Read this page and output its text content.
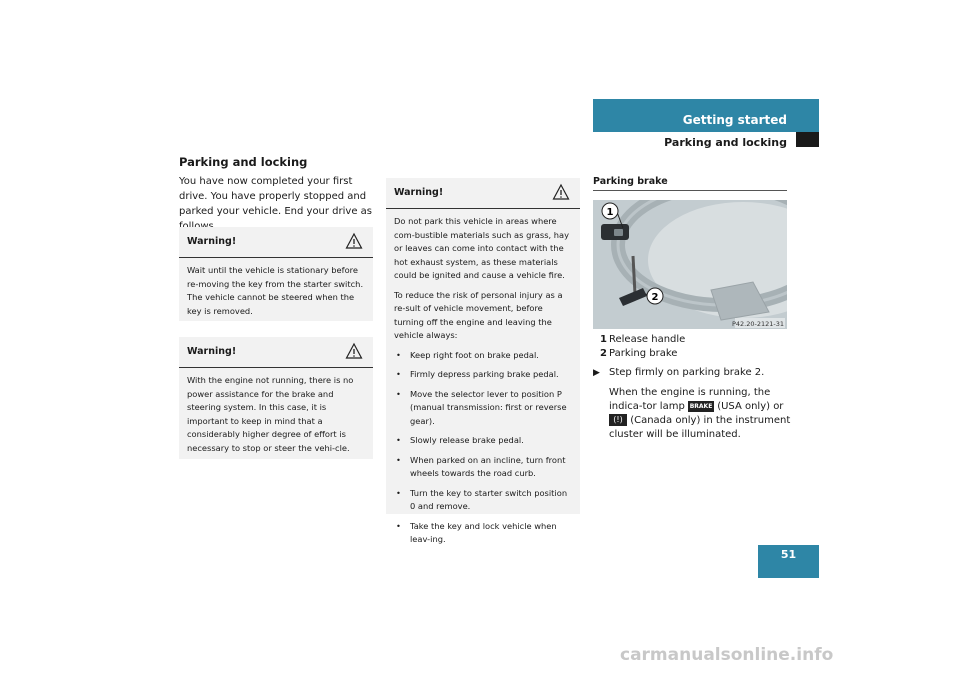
Getting started
Parking and locking
Parking and locking
You have now completed your first drive. You have properly stopped and parked your vehicle. End your drive as
Warning!

Wait until the vehicle is stationary before re-moving the key from the starter switch. The vehicle cannot be steered when the key is removed.

Warning!

With the engine not running, there is no power assistance for the brake and steering system. In this case, it is important to keep in mind that a considerably higher degree of effort is necessary to stop or steer the vehi-cle.

Warning!

Do not park this vehicle in areas where com-bustible materials such as grass, hay or leaves can come into contact with the hot exhaust system, as these materials could be ignited and cause a vehicle fire.

To reduce the risk of personal injury as a re-sult of vehicle movement, before turning off the engine and leaving the vehicle always:

• Keep right foot on brake pedal.
• Firmly depress parking brake pedal.
• Move the selector lever to position P (manual transmission: first or reverse gear).
• Slowly release brake pedal.
• When parked on an incline, turn front wheels towards the road curb.
• Turn the key to starter switch position 0 and remove.
• Take the key and lock vehicle when leav-ing.
Parking brake
1
2
P42.20-2121-31
1 Release handle
2 Parking brake
▶ Step firmly on parking brake 2.

When the engine is running, the indica-tor lamp BRAKE (USA only) or (!) (Canada only) in the instrument cluster will be illuminated.

51
carmanualsonline.info
